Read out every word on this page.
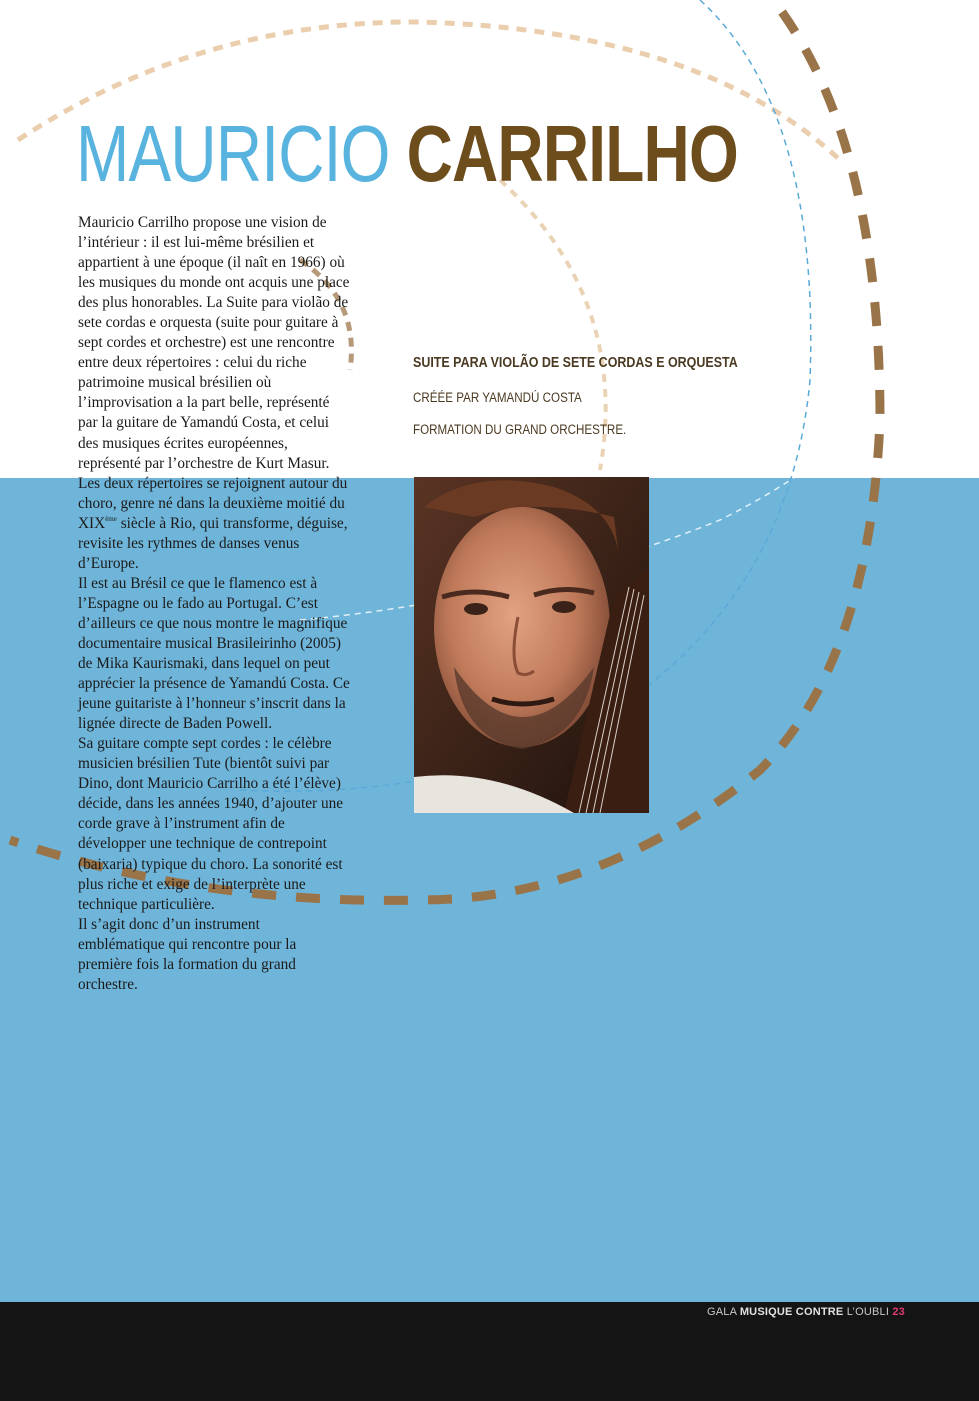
MAURICIO CARRILHO

Mauricio Carrilho propose une vision de l’intérieur : il est lui-même brésilien et appartient à une époque (il naît en 1966) où les musiques du monde ont acquis une place des plus honorables. La Suite para violão de sete cordas e orquesta (suite pour guitare à sept cordes et orchestre) est une rencontre entre deux répertoires : celui du riche patrimoine musical brésilien où l’improvisation a la part belle, représenté par la guitare de Yamandú Costa, et celui des musiques écrites européennes, représenté par l’orchestre de Kurt Masur. Les deux répertoires se rejoignent autour du choro, genre né dans la deuxième moitié du XIXème siècle à Rio, qui transforme, déguise, revisite les rythmes de danses venus d’Europe.

Il est au Brésil ce que le flamenco est à l’Espagne ou le fado au Portugal. C’est d’ailleurs ce que nous montre le magnifique documentaire musical Brasileirinho (2005) de Mika Kaurismaki, dans lequel on peut apprécier la présence de Yamandú Costa. Ce jeune guitariste à l’honneur s’inscrit dans la lignée directe de Baden Powell.

Sa guitare compte sept cordes : le célèbre musicien brésilien Tute (bientôt suivi par Dino, dont Mauricio Carrilho a été l’élève) décide, dans les années 1940, d’ajouter une corde grave à l’instrument afin de développer une technique de contrepoint (baixaria) typique du choro. La sonorité est plus riche et exige de l’interprète une technique particulière.

Il s’agit donc d’un instrument emblématique qui rencontre pour la première fois la formation du grand orchestre.

SUITE PARA VIOLÃO DE SETE CORDAS E ORQUESTA

CRÉÉE PAR YAMANDÚ COSTA

FORMATION DU GRAND ORCHESTRE.

GALA MUSIQUE CONTRE L’OUBLI 23
